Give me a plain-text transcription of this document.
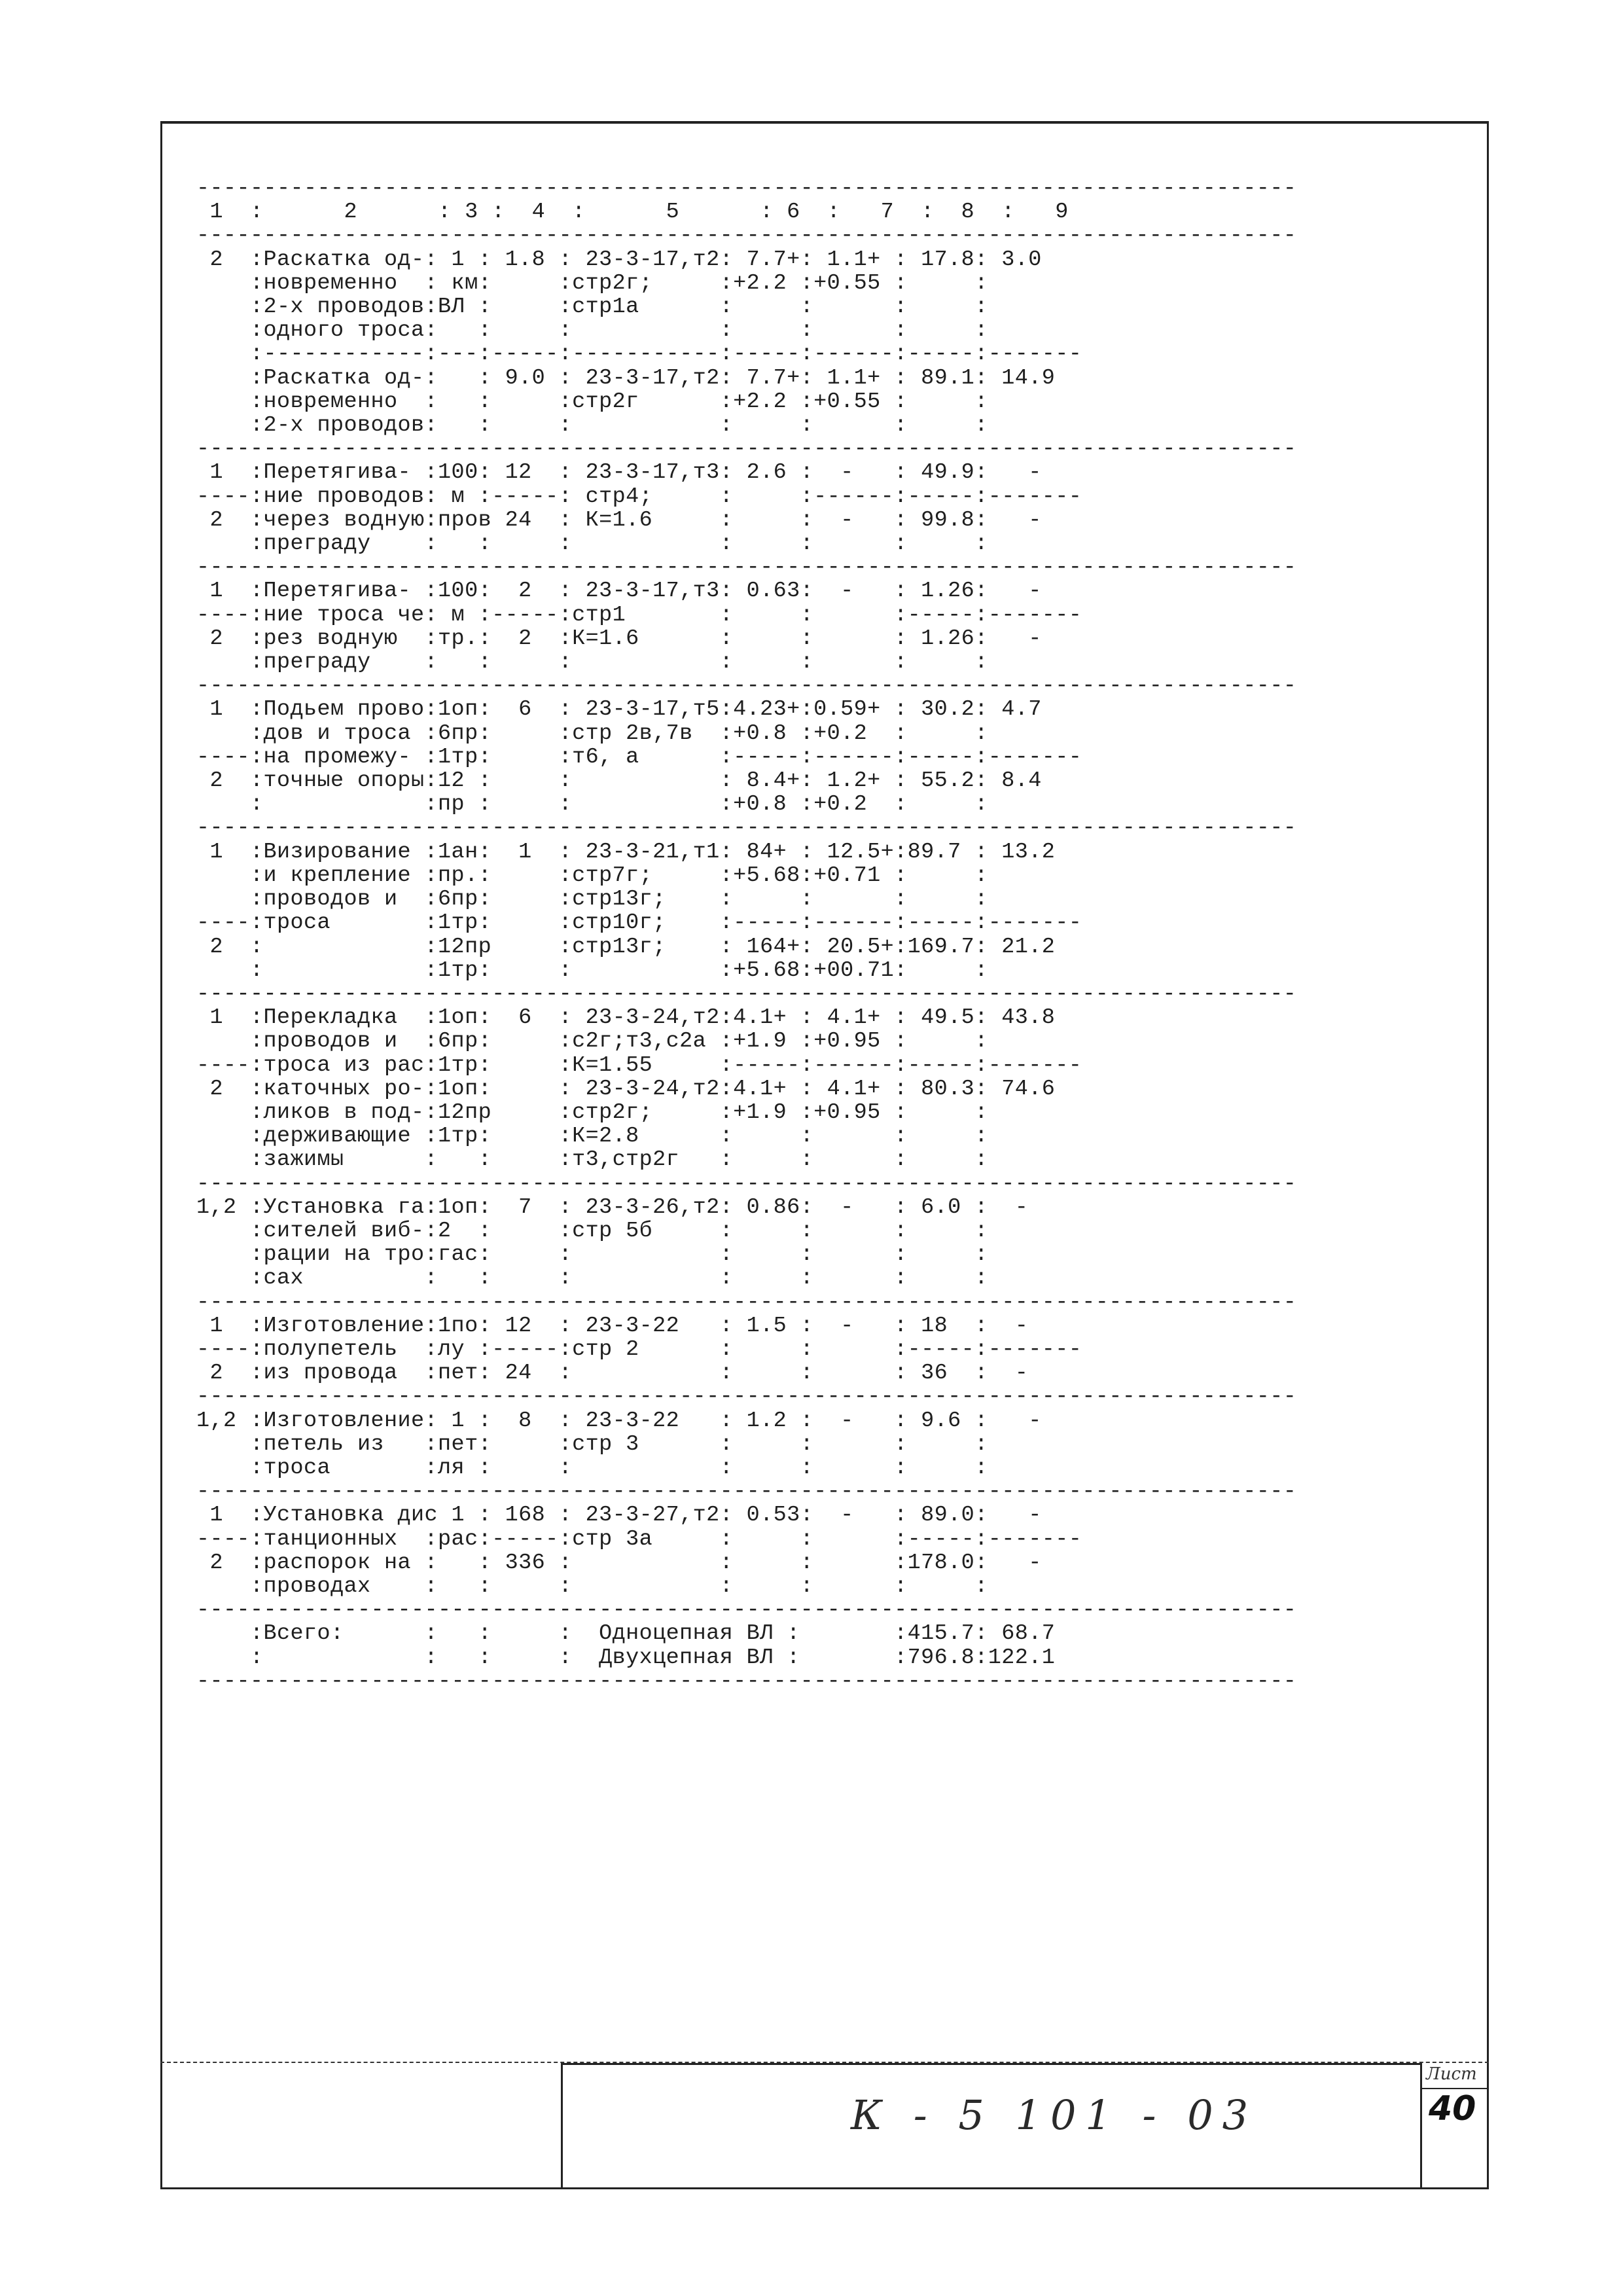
----------------------------------------------------------------------------------
1  :      2      : 3 :  4  :      5      : 6  :   7  :  8  :   9
----------------------------------------------------------------------------------
2  :Раскатка од-: 1 : 1.8 : 23-3-17,т2: 7.7+: 1.1+ : 17.8: 3.0
:новременно  : км:     :стр2г;     :+2.2 :+0.55 :     :
:2-х проводов:ВЛ :     :стр1а      :     :      :     :
:одного троса:   :     :           :     :      :     :
:------------:---:-----:-----------:-----:------:-----:-------
:Раскатка од-:   : 9.0 : 23-3-17,т2: 7.7+: 1.1+ : 89.1: 14.9
:новременно  :   :     :стр2г      :+2.2 :+0.55 :     :
:2-х проводов:   :     :           :     :      :     :
----------------------------------------------------------------------------------
1  :Перетягива- :100: 12  : 23-3-17,т3: 2.6 :  -   : 49.9:   -
----:ние проводов: м :-----: стр4;     :     :------:-----:-------
2  :через водную:пров 24  : К=1.6     :     :  -   : 99.8:   -
:преграду    :   :     :           :     :      :     :
----------------------------------------------------------------------------------
1  :Перетягива- :100:  2  : 23-3-17,т3: 0.63:  -   : 1.26:   -
----:ние троса че: м :-----:стр1       :     :      :-----:-------
2  :рез водную  :тр.:  2  :К=1.6      :     :      : 1.26:   -
:преграду    :   :     :           :     :      :     :
----------------------------------------------------------------------------------
1  :Подьем прово:1оп:  6  : 23-3-17,т5:4.23+:0.59+ : 30.2: 4.7
:дов и троса :6пр:     :стр 2в,7в  :+0.8 :+0.2  :     :
----:на промежу- :1тр:     :т6, а      :-----:------:-----:-------
2  :точные опоры:12 :     :           : 8.4+: 1.2+ : 55.2: 8.4
:            :пр :     :           :+0.8 :+0.2  :     :
----------------------------------------------------------------------------------
1  :Визирование :1ан:  1  : 23-3-21,т1: 84+ : 12.5+:89.7 : 13.2
:и крепление :пр.:     :стр7г;     :+5.68:+0.71 :     :
:проводов и  :6пр:     :стр13г;    :     :      :     :
----:троса       :1тр:     :стр10г;    :-----:------:-----:-------
2  :            :12пр     :стр13г;    : 164+: 20.5+:169.7: 21.2
:            :1тр:     :           :+5.68:+00.71:     :
----------------------------------------------------------------------------------
1  :Перекладка  :1оп:  6  : 23-3-24,т2:4.1+ : 4.1+ : 49.5: 43.8
:проводов и  :6пр:     :с2г;т3,с2а :+1.9 :+0.95 :     :
----:троса из рас:1тр:     :К=1.55     :-----:------:-----:-------
2  :каточных ро-:1оп:     : 23-3-24,т2:4.1+ : 4.1+ : 80.3: 74.6
:ликов в под-:12пр     :стр2г;     :+1.9 :+0.95 :     :
:держивающие :1тр:     :К=2.8      :     :      :     :
:зажимы      :   :     :т3,стр2г   :     :      :     :
----------------------------------------------------------------------------------
1,2 :Установка га:1оп:  7  : 23-3-26,т2: 0.86:  -   : 6.0 :  -
:сителей виб-:2  :     :стр 5б     :     :      :     :
:рации на тро:гас:     :           :     :      :     :
:сах         :   :     :           :     :      :     :
----------------------------------------------------------------------------------
1  :Изготовление:1по: 12  : 23-3-22   : 1.5 :  -   : 18  :  -
----:полупетель  :лу :-----:стр 2      :     :      :-----:-------
2  :из провода  :пет: 24  :           :     :      : 36  :  -
----------------------------------------------------------------------------------
1,2 :Изготовление: 1 :  8  : 23-3-22   : 1.2 :  -   : 9.6 :   -
:петель из   :пет:     :стр 3      :     :      :     :
:троса       :ля :     :           :     :      :     :
----------------------------------------------------------------------------------
1  :Установка дис 1 : 168 : 23-3-27,т2: 0.53:  -   : 89.0:   -
----:танционных  :рас:-----:стр 3а     :     :      :-----:-------
2  :распорок на :   : 336 :           :     :      :178.0:   -
:проводах    :   :     :           :     :      :     :
----------------------------------------------------------------------------------
:Всего:      :   :     :  Одноцепная ВЛ :       :415.7: 68.7
:            :   :     :  Двухцепная ВЛ :       :796.8:122.1
----------------------------------------------------------------------------------
К - 5 101 - 03
Лист
40
